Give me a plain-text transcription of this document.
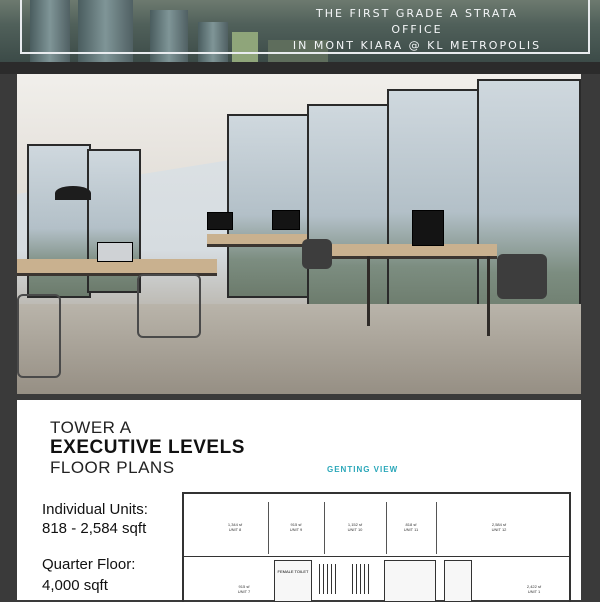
THE FIRST GRADE A STRATA OFFICE
IN MONT KIARA @ KL METROPOLIS
TOWER A
EXECUTIVE LEVELS
FLOOR PLANS	GENTING VIEW
Individual Units:
818 - 2,584 sqft
Quarter Floor:
4,000 sqft
1,344 sf
UNIT 8
915 sf
UNIT 9
1,152 sf
UNIT 10
818 sf
UNIT 11
2,584 sf
UNIT 12
915 sf
UNIT 7
2,422 sf
UNIT 1
FEMALE TOILET
